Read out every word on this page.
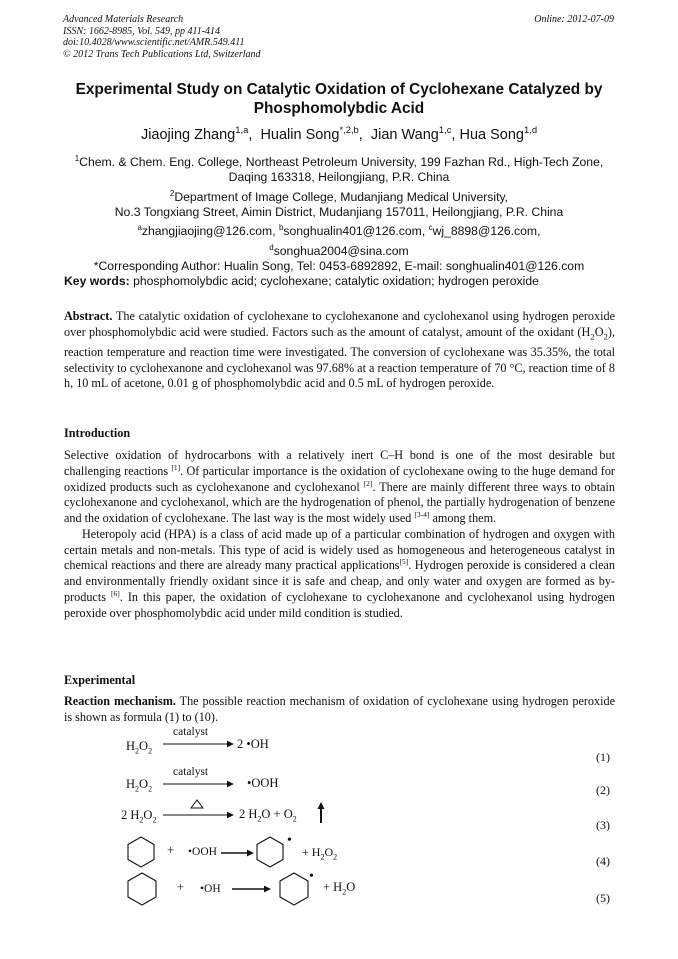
Advanced Materials Research
ISSN: 1662-8985, Vol. 549, pp 411-414
doi:10.4028/www.scientific.net/AMR.549.411
© 2012 Trans Tech Publications Ltd, Switzerland
Online: 2012-07-09
Experimental Study on Catalytic Oxidation of Cyclohexane Catalyzed by Phosphomolybdic Acid
Jiaojing Zhang$^{1,a}$,  Hualin Song$^{*,2,b}$,  Jian Wang$^{1,c}$, Hua Song$^{1,d}$
$^1$Chem. & Chem. Eng. College, Northeast Petroleum University, 199 Fazhan Rd., High-Tech Zone,
Daqing 163318, Heilongjiang, P.R. China
$^2$Department of Image College, Mudanjiang Medical University,
No.3 Tongxiang Street, Aimin District, Mudanjiang 157011, Heilongjiang, P.R. China
$^a$zhangjiaojing@126.com, $^b$songhualin401@126.com, $^c$wj_8898@126.com,
$^d$songhua2004@sina.com
*Corresponding Author: Hualin Song, Tel: 0453-6892892, E-mail: songhualin401@126.com
Key words: phosphomolybdic acid; cyclohexane; catalytic oxidation; hydrogen peroxide

Abstract. The catalytic oxidation of cyclohexane to cyclohexanone and cyclohexanol using hydrogen peroxide over phosphomolybdic acid were studied. Factors such as the amount of catalyst, amount of the oxidant $(H_2O_2)$, reaction temperature and reaction time were investigated. The conversion of cyclohexane was 35.35%, the total selectivity to cyclohexanone and cyclohexanol was 97.68% at a reaction temperature of 70 °C, reaction time of 8 h, 10 mL of acetone, 0.01 g of phosphomolybdic acid and 0.5 mL of hydrogen peroxide.

Introduction

Selective oxidation of hydrocarbons with a relatively inert C–H bond is one of the most desirable but challenging reactions [1]. Of particular importance is the oxidation of cyclohexane owing to the huge demand for oxidized products such as cyclohexanone and cyclohexanol [2]. There are mainly different three ways to obtain cyclohexanone and cyclohexanol, which are the hydrogenation of phenol, the partially hydrogenation of benzene and the oxidation of cyclohexane. The last way is the most widely used [3-4] among them.

Heteropoly acid (HPA) is a class of acid made up of a particular combination of hydrogen and oxygen with certain metals and non-metals. This type of acid is widely used as homogeneous and heterogeneous catalyst in chemical reactions and there are already many practical applications[5]. Hydrogen peroxide is considered a clean and environmentally friendly oxidant since it is safe and cheap, and only water and oxygen are formed as by-products [6]. In this paper, the oxidation of cyclohexane to cyclohexanone and cyclohexanol using hydrogen peroxide over phosphomolybdic acid under mild condition is studied.

Experimental

Reaction mechanism. The possible reaction mechanism of oxidation of cyclohexane using hydrogen peroxide is shown as formula (1) to (10).

$H_2O_2$
catalyst
2 •OH
(1)
$H_2O_2$
catalyst
•OOH	(2)
2 $H_2O_2$	2 $H_2O + O_2$	(3)
+ •OOH →
•
+ $H_2O_2$	(4)
+ •OH →
•
+ $H_2O$
(5)
